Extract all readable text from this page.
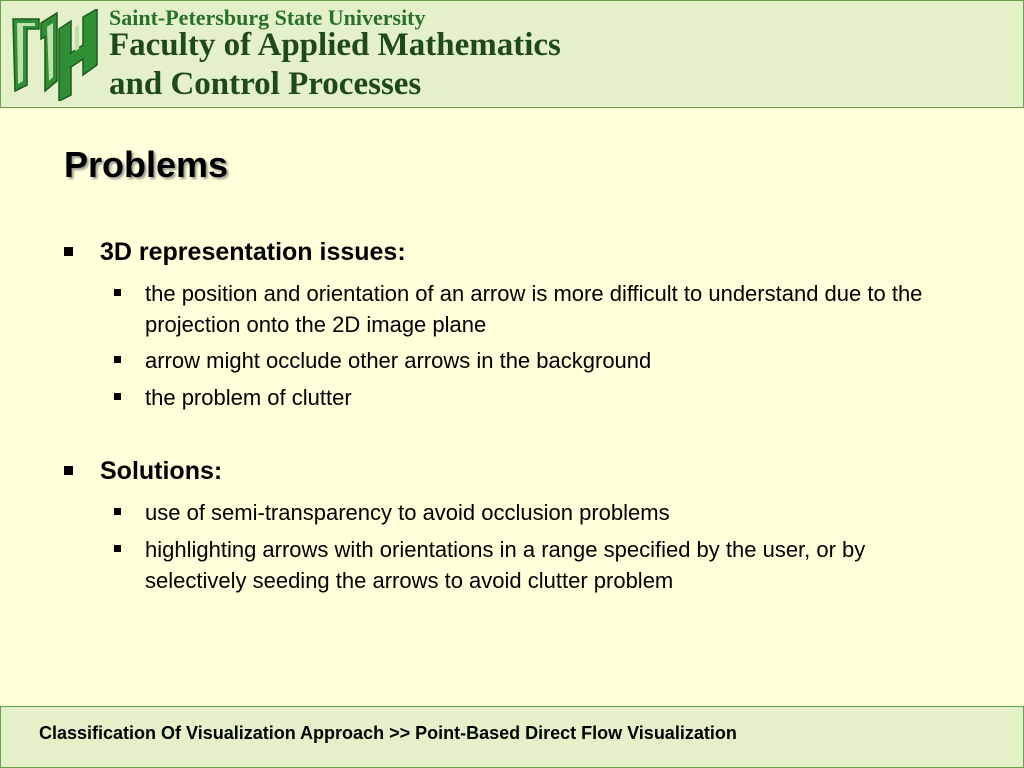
Saint-Petersburg State University
Faculty of Applied Mathematics
and Control Processes
Problems
3D representation issues:
the position and orientation of an arrow is more difficult to understand due to the projection onto the 2D image plane
arrow might occlude other arrows in the background
the problem of clutter
Solutions:
use of semi-transparency to avoid occlusion problems
highlighting arrows with orientations in a range specified by the user, or by selectively seeding the arrows to avoid clutter problem
Classification Of Visualization Approach >> Point-Based Direct Flow Visualization
